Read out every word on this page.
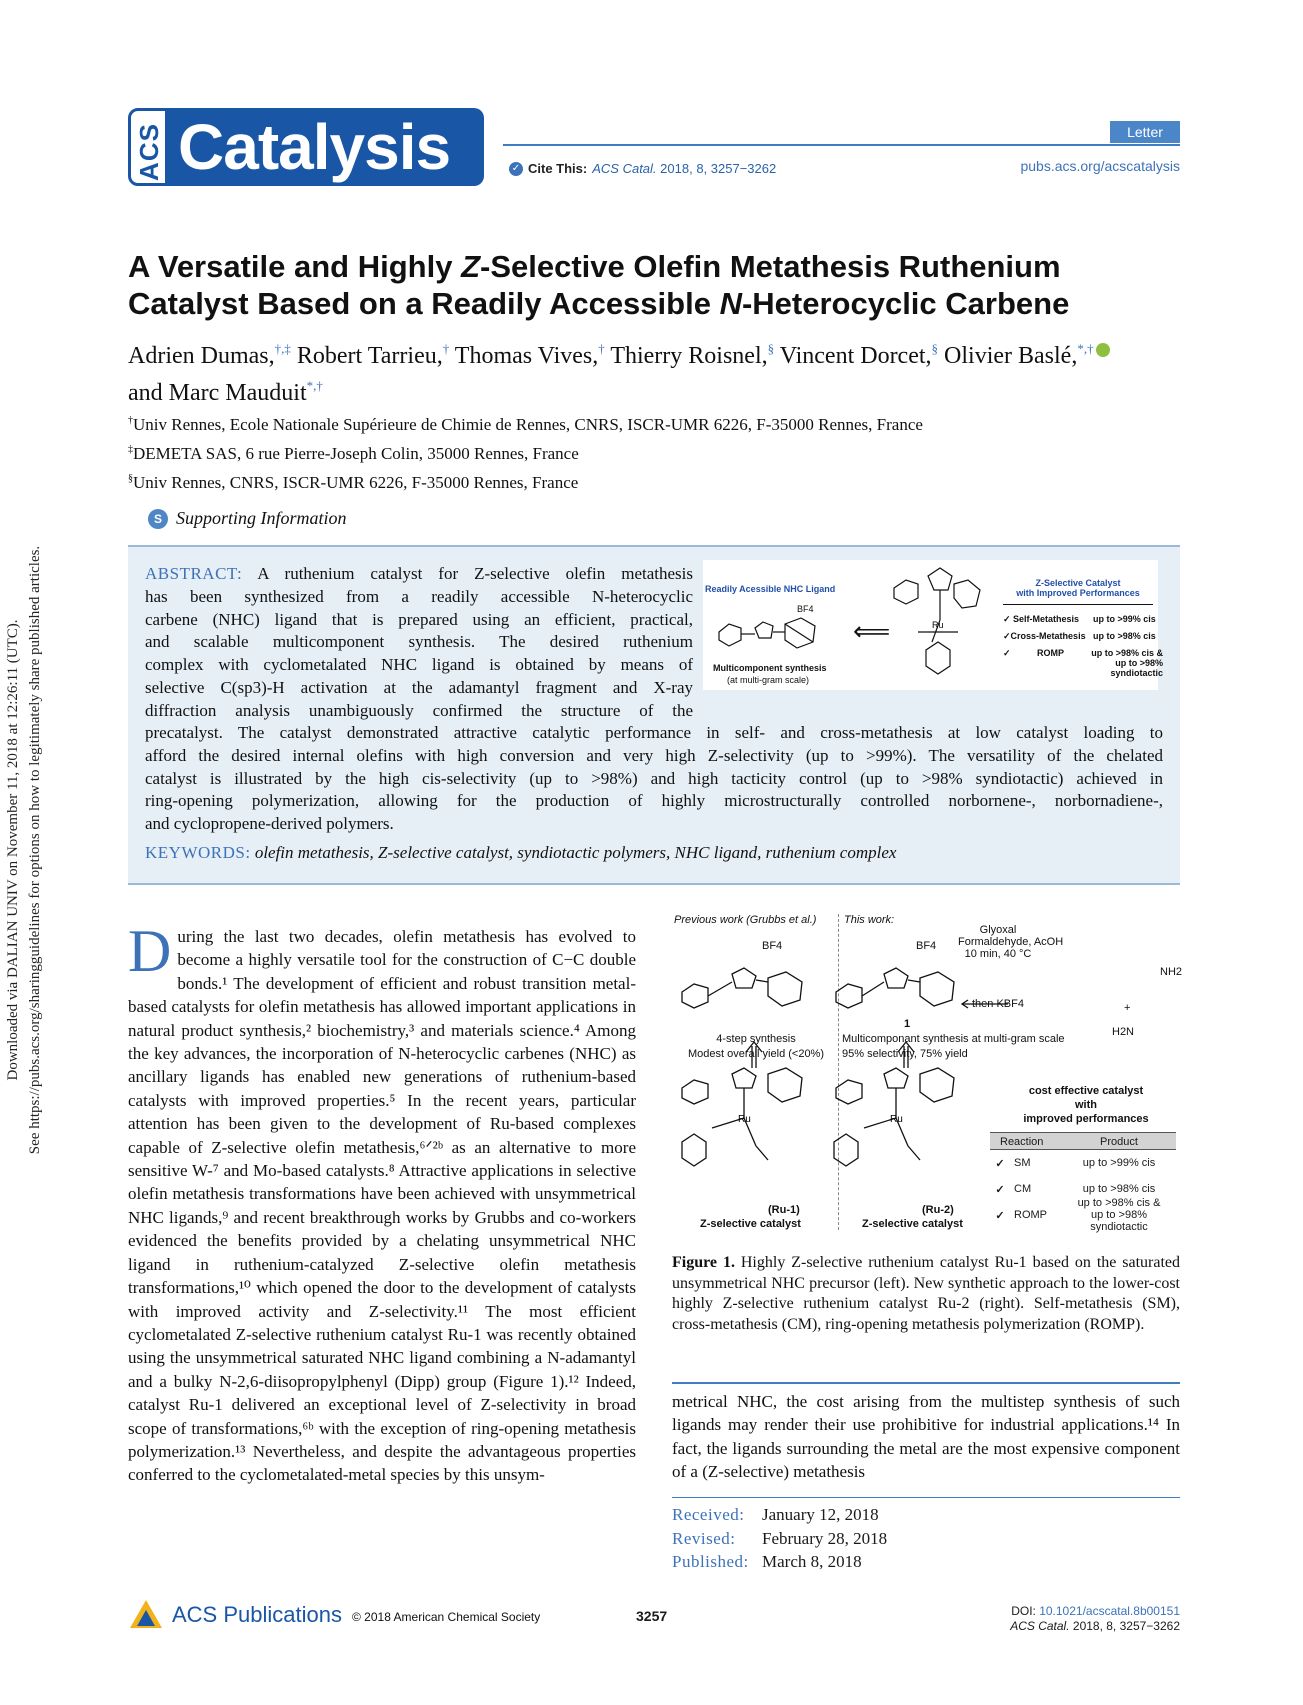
Downloaded via DALIAN UNIV on November 11, 2018 at 12:26:11 (UTC). See https://pubs.acs.org/sharingguidelines for options on how to legitimately share published articles.
ACS Catalysis	Letter
✓ Cite This: ACS Catal. 2018, 8, 3257−3262	pubs.acs.org/acscatalysis
A Versatile and Highly Z-Selective Olefin Metathesis Ruthenium
Catalyst Based on a Readily Accessible N-Heterocyclic Carbene
Adrien Dumas,†,‡ Robert Tarrieu,† Thomas Vives,† Thierry Roisnel,§ Vincent Dorcet,§ Olivier Baslé,*,†
and Marc Mauduit*,†
†Univ Rennes, Ecole Nationale Supérieure de Chimie de Rennes, CNRS, ISCR-UMR 6226, F-35000 Rennes, France
‡DEMETA SAS, 6 rue Pierre-Joseph Colin, 35000 Rennes, France
§Univ Rennes, CNRS, ISCR-UMR 6226, F-35000 Rennes, France
S Supporting Information
ABSTRACT: A ruthenium catalyst for Z-selective olefin metathesis
has been synthesized from a readily accessible N-heterocyclic
carbene (NHC) ligand that is prepared using an efficient, practical,
and scalable multicomponent synthesis. The desired ruthenium
complex with cyclometalated NHC ligand is obtained by means of
selective C(sp3)-H activation at the adamantyl fragment and X-ray
diffraction analysis unambiguously confirmed the structure of the
precatalyst. The catalyst demonstrated attractive catalytic performance in self- and cross-metathesis at low catalyst loading to
afford the desired internal olefins with high conversion and very high Z-selectivity (up to >99%). The versatility of the chelated
catalyst is illustrated by the high cis-selectivity (up to >98%) and high tacticity control (up to >98% syndiotactic) achieved in
ring-opening polymerization, allowing for the production of highly microstructurally controlled norbornene-, norbornadiene-,
and cyclopropene-derived polymers.
Readily Acessible NHC Ligand
BF4
⟸	Ru
Z-Selective Catalyst
with Improved Performances
✓ Self-Metathesis up to >99% cis
✓Cross-Metathesis up to >98% cis
✓	ROMP	up to >98% cis &
up to >98% syndiotactic
Multicomponent synthesis
(at multi-gram scale)
KEYWORDS: olefin metathesis, Z-selective catalyst, syndiotactic polymers, NHC ligand, ruthenium complex
During the last two decades, olefin metathesis has evolved to become a highly versatile tool for the construction of C−C double bonds.¹ The development of efficient and robust transition metal-based catalysts for olefin metathesis has allowed important applications in natural product synthesis,² biochemistry,³ and materials science.⁴ Among the key advances, the incorporation of N-heterocyclic carbenes (NHC) as ancillary ligands has enabled new generations of ruthenium-based catalysts with improved properties.⁵ In the recent years, particular attention has been given to the development of Ru-based complexes capable of Z-selective olefin metathesis,⁶ᐟ²ᵇ as an alternative to more sensitive W-⁷ and Mo-based catalysts.⁸ Attractive applications in selective olefin metathesis transformations have been achieved with unsymmetrical NHC ligands,⁹ and recent breakthrough works by Grubbs and co-workers evidenced the benefits provided by a chelating unsymmetrical NHC ligand in ruthenium-catalyzed Z-selective olefin metathesis transformations,¹⁰ which opened the door to the development of catalysts with improved activity and Z-selectivity.¹¹ The most efficient cyclometalated Z-selective ruthenium catalyst Ru-1 was recently obtained using the unsymmetrical saturated NHC ligand combining a N-adamantyl and a bulky N-2,6-diisopropylphenyl (Dipp) group (Figure 1).¹² Indeed, catalyst Ru-1 delivered an exceptional level of Z-selectivity in broad scope of transformations,⁶ᵇ with the exception of ring-opening metathesis polymerization.¹³ Nevertheless, and despite the advantageous properties conferred to the cyclometalated-metal species by this unsym-
Previous work (Grubbs et al.)	This work:
BF4	BF4
Ru	Ru
1
Glyoxal
Formaldehyde, AcOH
10 min, 40 °C
then KBF4
NH2
+
H2N
4-step synthesis
Modest overall yield (<20%)
Multicomponant synthesis at multi-gram scale
95% selectivity, 75% yield
cost effective catalyst
with
improved performances
(Ru-1)	(Ru-2)
Z-selective catalyst	Z-selective catalyst
Reaction	Product
✓ SM	up to >99% cis
✓ CM	up to >98% cis
✓ ROMP
up to >98% cis &
up to >98% syndiotactic
Figure 1. Highly Z-selective ruthenium catalyst Ru-1 based on the saturated unsymmetrical NHC precursor (left). New synthetic approach to the lower-cost highly Z-selective ruthenium catalyst Ru-2 (right). Self-metathesis (SM), cross-metathesis (CM), ring-opening metathesis polymerization (ROMP).
metrical NHC, the cost arising from the multistep synthesis of such ligands may render their use prohibitive for industrial applications.¹⁴ In fact, the ligands surrounding the metal are the most expensive component of a (Z-selective) metathesis
Received:	January 12, 2018
Revised:	February 28, 2018
Published: March 8, 2018
ACS Publications © 2018 American Chemical Society	3257	DOI: 10.1021/acscatal.8b00151
ACS Catal. 2018, 8, 3257−3262
